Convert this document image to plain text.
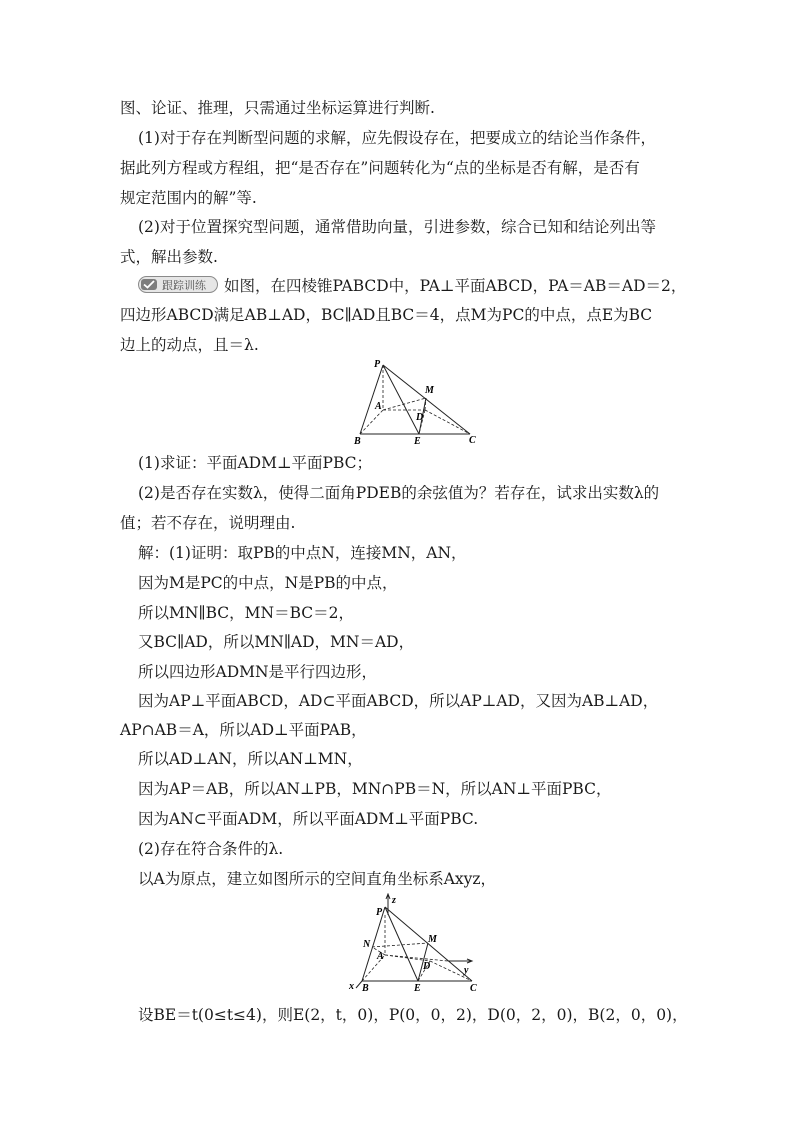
图、论证、推理，只需通过坐标运算进行判断.
(1)对于存在判断型问题的求解，应先假设存在，把要成立的结论当作条件，
据此列方程或方程组，把“是否存在”问题转化为“点的坐标是否有解，是否有
规定范围内的解”等.
(2)对于位置探究型问题，通常借助向量，引进参数，综合已知和结论列出等
式，解出参数.
跟踪训练 如图，在四棱锥PABCD中，PA⊥平面ABCD，PA＝AB＝AD＝2，
四边形ABCD满足AB⊥AD，BC∥AD且BC＝4，点M为PC的中点，点E为BC
边上的动点，且＝λ.
P
M
A
D
B	E	C
(1)求证：平面ADM⊥平面PBC；
(2)是否存在实数λ，使得二面角PDEB的余弦值为？若存在，试求出实数λ的
值；若不存在，说明理由.
解：(1)证明：取PB的中点N，连接MN，AN，
因为M是PC的中点，N是PB的中点，
所以MN∥BC，MN＝BC＝2，
又BC∥AD，所以MN∥AD，MN＝AD，
所以四边形ADMN是平行四边形，
因为AP⊥平面ABCD，AD⊂平面ABCD，所以AP⊥AD，又因为AB⊥AD，
AP∩AB＝A，所以AD⊥平面PAB，
所以AD⊥AN，所以AN⊥MN，
因为AP＝AB，所以AN⊥PB，MN∩PB＝N，所以AN⊥平面PBC，
因为AN⊂平面ADM，所以平面ADM⊥平面PBC.
(2)存在符合条件的λ.
以A为原点，建立如图所示的空间直角坐标系Axyz，
z
P
N	M
A
D	y
x B	E	C
设BE＝t(0≤t≤4)，则E(2，t，0)，P(0，0，2)，D(0，2，0)，B(2，0，0)，
